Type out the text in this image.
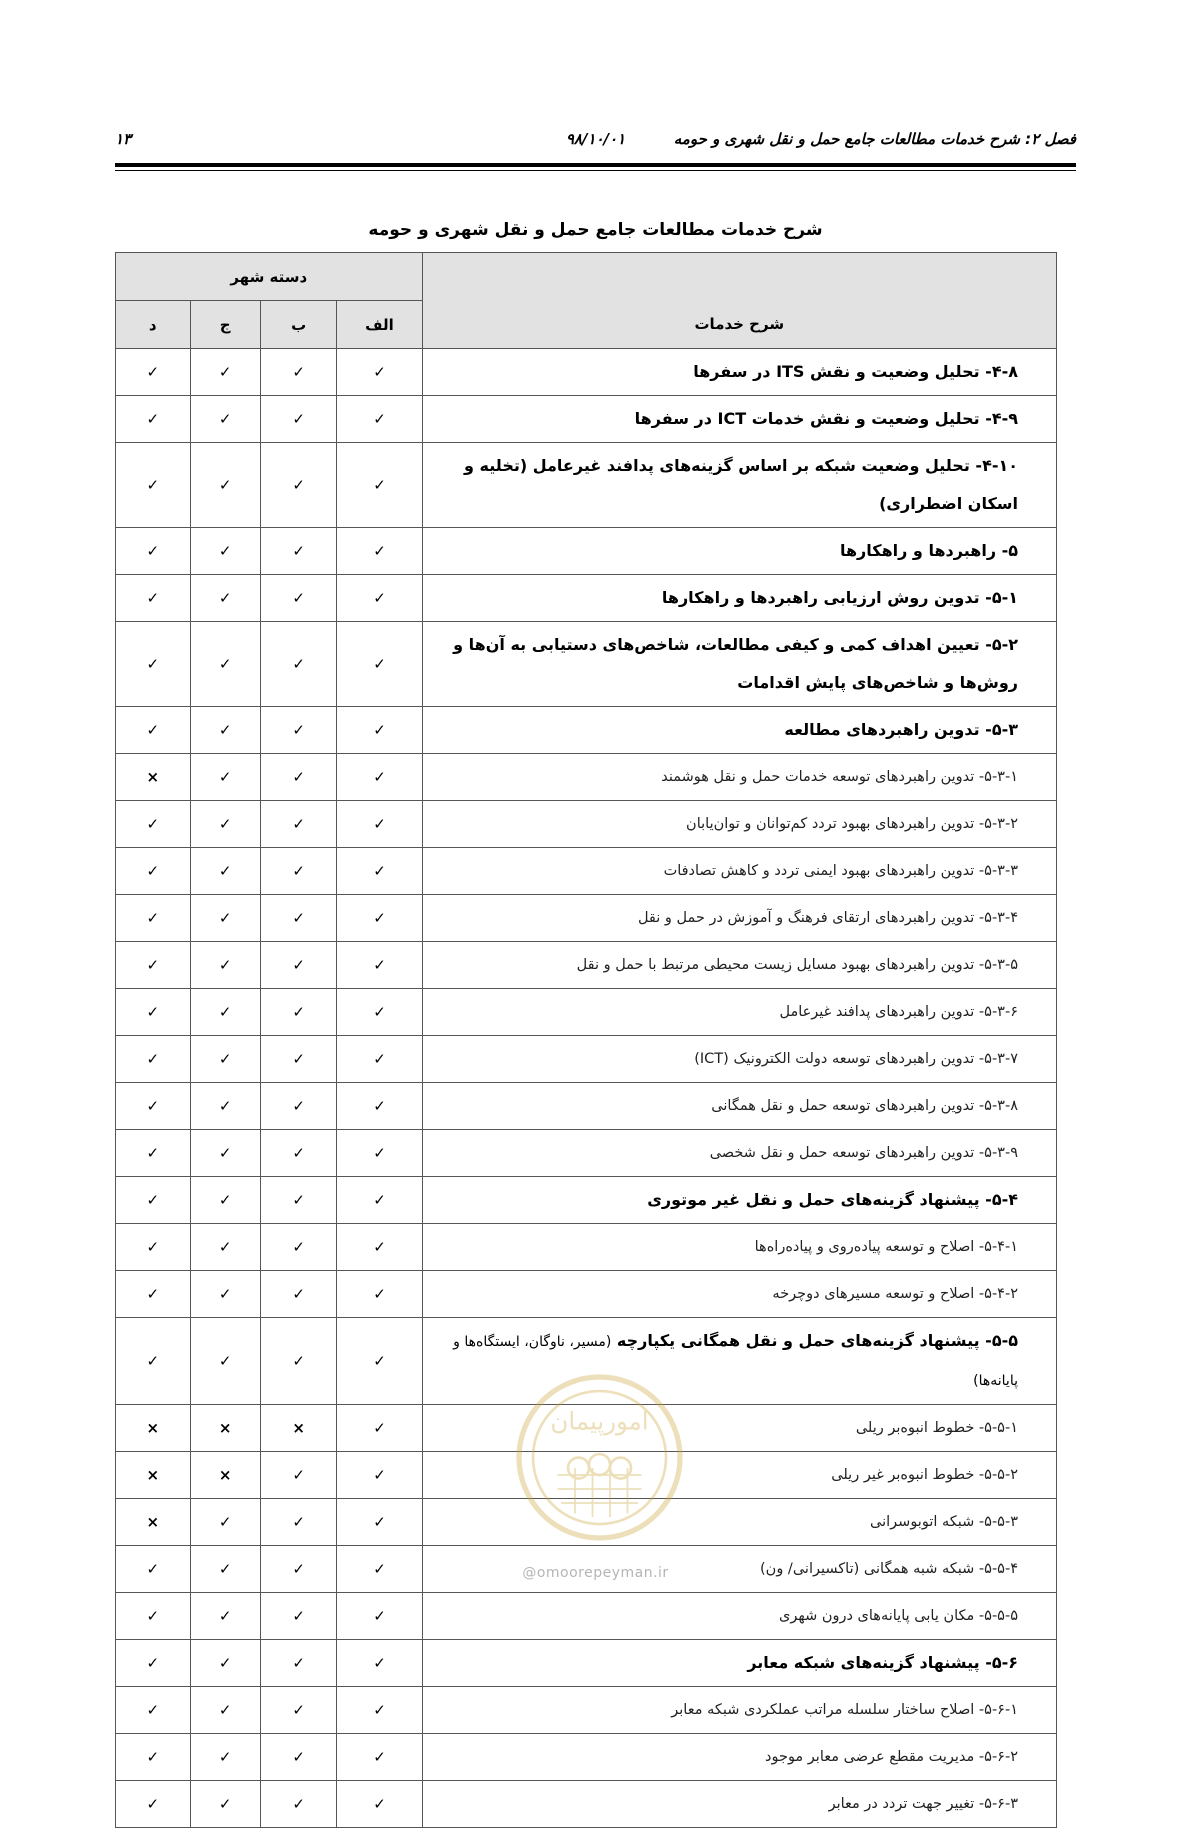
فصل ۲: شرح خدمات مطالعات جامع حمل و نقل شهری و حومه
۹۸/۱۰/۰۱
۱۳
شرح خدمات مطالعات جامع حمل و نقل شهری و حومه
شرح خدمات	دسته شهر			
	الف	ب	ج	د
۴-۸- تحلیل وضعیت و نقش ITS در سفرها	✓	✓	✓	✓
۴-۹- تحلیل وضعیت و نقش خدمات ICT در سفرها	✓	✓	✓	✓
۴-۱۰- تحلیل وضعیت شبکه بر اساس گزینه‌های پدافند غیرعامل (تخلیه و اسکان اضطراری)	✓	✓	✓	✓
۵- راهبردها و راهکارها	✓	✓	✓	✓
۵-۱- تدوین روش ارزیابی راهبردها و راهکارها	✓	✓	✓	✓
۵-۲- تعیین اهداف کمی و کیفی مطالعات، شاخص‌های دستیابی به آن‌ها و روش‌ها و شاخص‌های پایش اقدامات	✓	✓	✓	✓
۵-۳- تدوین راهبردهای مطالعه	✓	✓	✓	✓
۵-۳-۱- تدوین راهبردهای توسعه خدمات حمل و نقل هوشمند	✓	✓	✓	×
۵-۳-۲- تدوین راهبردهای بهبود تردد کم‌توانان و توان‌یابان	✓	✓	✓	✓
۵-۳-۳- تدوین راهبردهای بهبود ایمنی تردد و کاهش تصادفات	✓	✓	✓	✓
۵-۳-۴- تدوین راهبردهای ارتقای فرهنگ و آموزش در حمل و نقل	✓	✓	✓	✓
۵-۳-۵- تدوین راهبردهای بهبود مسایل زیست محیطی مرتبط با حمل و نقل	✓	✓	✓	✓
۵-۳-۶- تدوین راهبردهای پدافند غیرعامل	✓	✓	✓	✓
۵-۳-۷- تدوین راهبردهای توسعه دولت الکترونیک (ICT)	✓	✓	✓	✓
۵-۳-۸- تدوین راهبردهای توسعه حمل و نقل همگانی	✓	✓	✓	✓
۵-۳-۹- تدوین راهبردهای توسعه حمل و نقل شخصی	✓	✓	✓	✓
۵-۴- پیشنهاد گزینه‌های حمل و نقل غیر موتوری	✓	✓	✓	✓
۵-۴-۱- اصلاح و توسعه پیاده‌روی و پیاده‌راه‌ها	✓	✓	✓	✓
۵-۴-۲- اصلاح و توسعه مسیرهای دوچرخه	✓	✓	✓	✓
۵-۵- پیشنهاد گزینه‌های حمل و نقل همگانی یکپارچه (مسیر، ناوگان، ایستگاه‌ها و پایانه‌ها)	✓	✓	✓	✓
۵-۵-۱- خطوط انبوه‌بر ریلی	✓	×	×	×
۵-۵-۲- خطوط انبوه‌بر غیر ریلی	✓	✓	×	×
۵-۵-۳- شبکه اتوبوسرانی	✓	✓	✓	×
۵-۵-۴- شبکه شبه همگانی (تاکسیرانی/ ون)	✓	✓	✓	✓
۵-۵-۵- مکان یابی پایانه‌های درون شهری	✓	✓	✓	✓
۵-۶- پیشنهاد گزینه‌های شبکه معابر	✓	✓	✓	✓
۵-۶-۱- اصلاح ساختار سلسله مراتب عملکردی شبکه معابر	✓	✓	✓	✓
۵-۶-۲- مدیریت مقطع عرضی معابر موجود	✓	✓	✓	✓
۵-۶-۳- تغییر جهت تردد در معابر	✓	✓	✓	✓
امورپیمان
@omoorepeyman.ir
